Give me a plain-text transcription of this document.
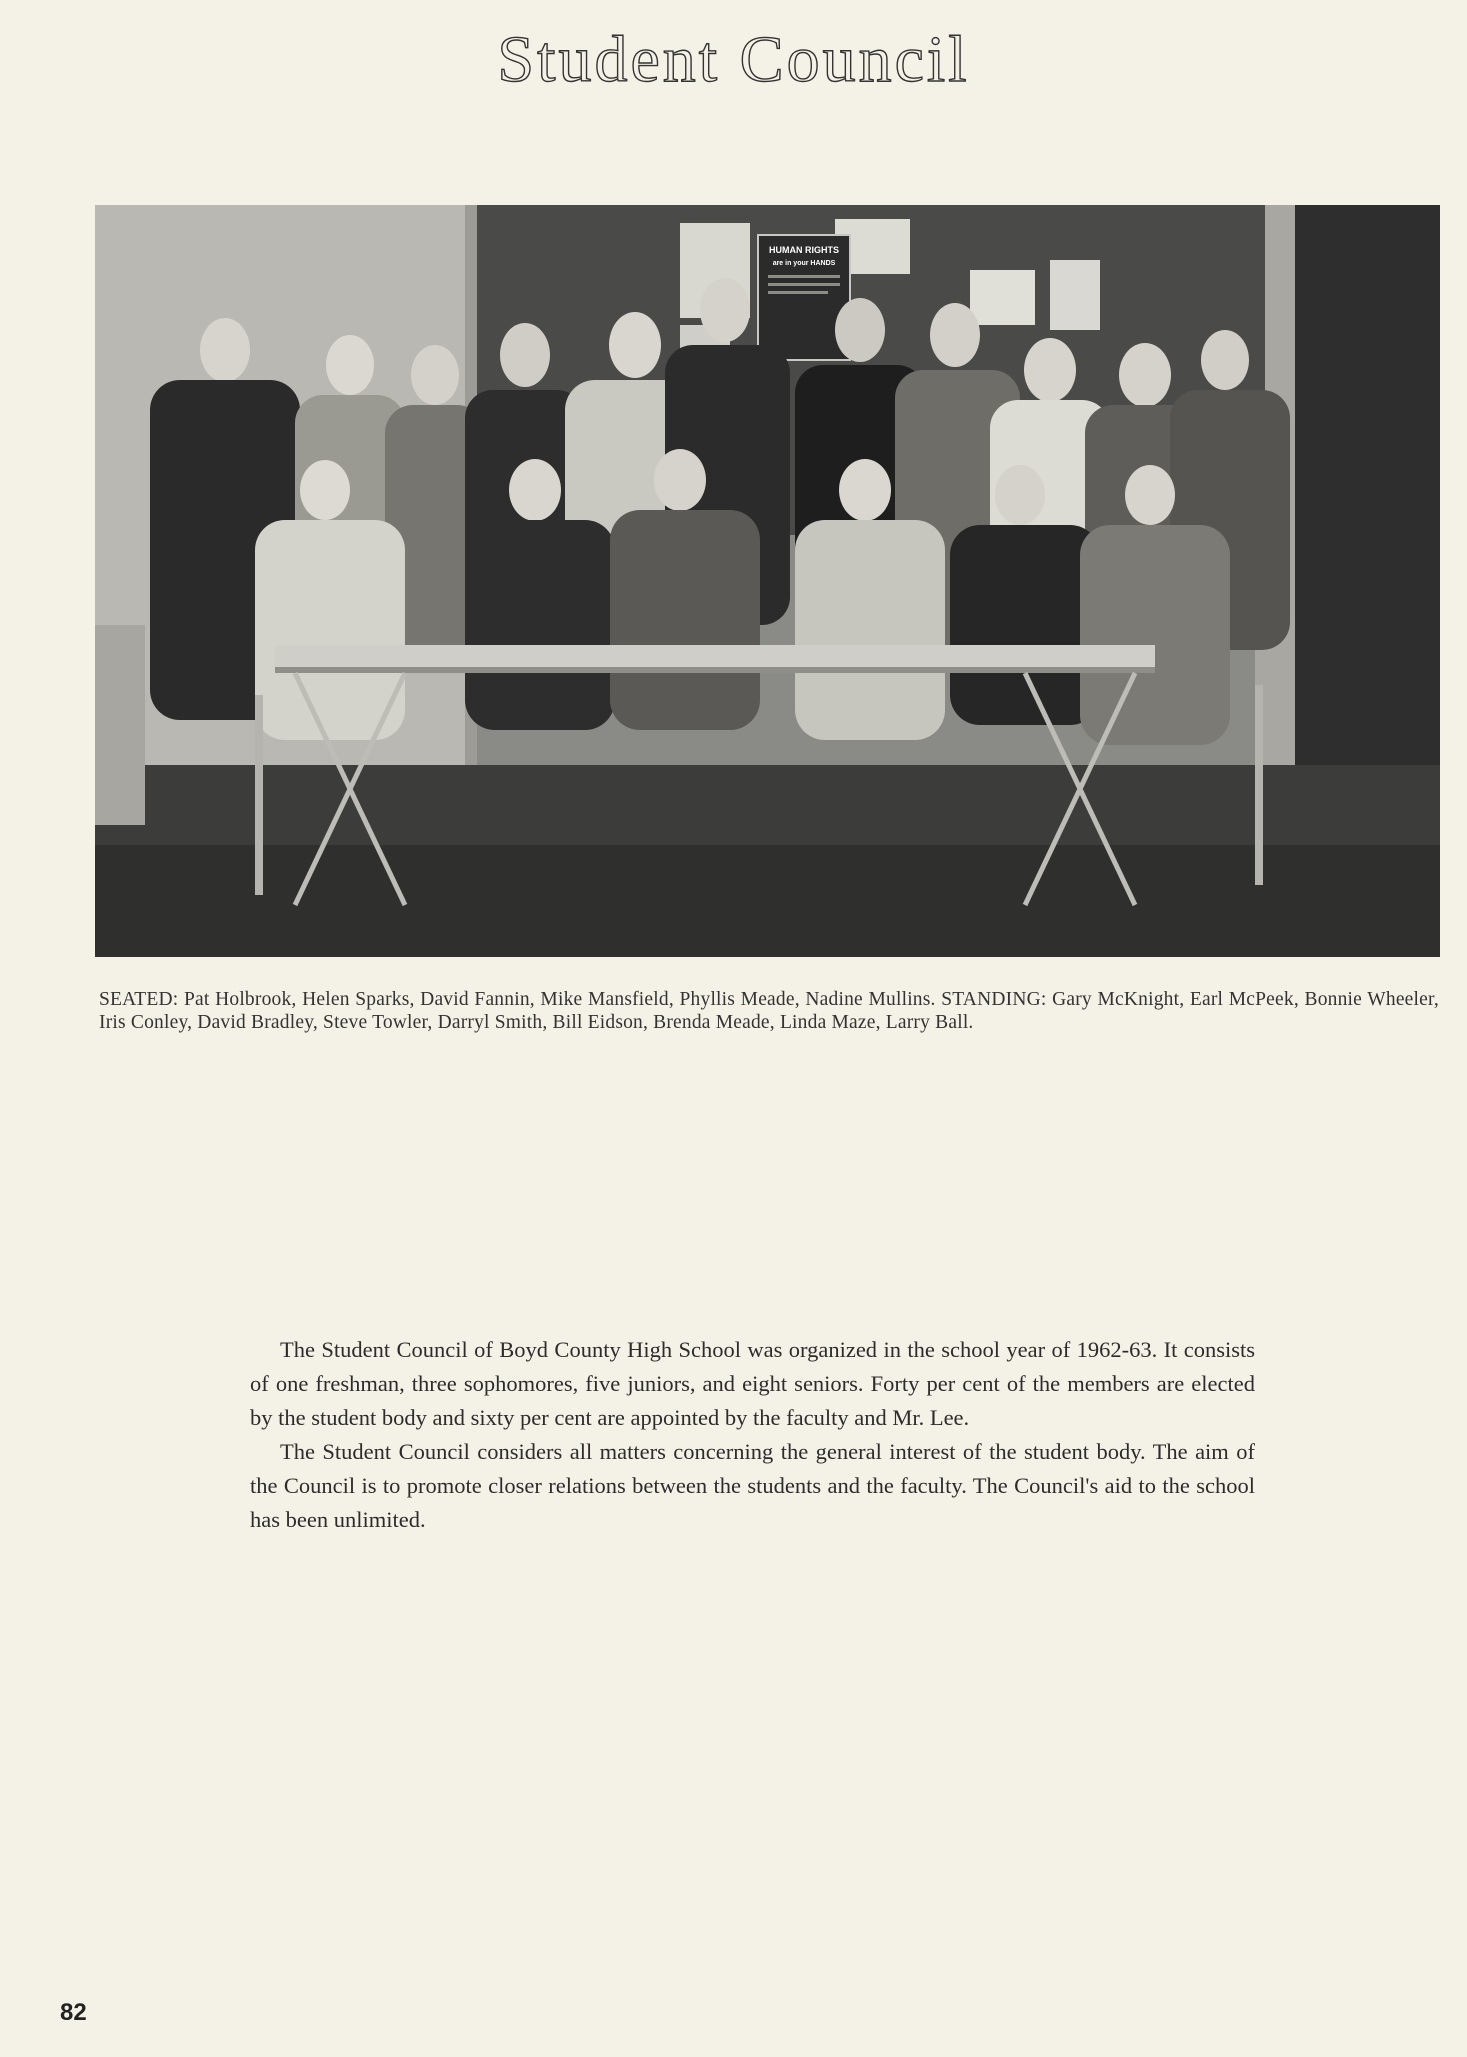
Student Council
HUMAN RIGHTS
are in your HANDS

SEATED: Pat Holbrook, Helen Sparks, David Fannin, Mike Mansfield, Phyllis Meade, Nadine Mullins. STANDING: Gary McKnight, Earl McPeek, Bonnie Wheeler, Iris Conley, David Bradley, Steve Towler, Darryl Smith, Bill Eidson, Brenda Meade, Linda Maze, Larry Ball.

The Student Council of Boyd County High School was organized in the school year of 1962-63. It consists of one freshman, three sophomores, five juniors, and eight seniors. Forty per cent of the members are elected by the student body and sixty per cent are appointed by the faculty and Mr. Lee.

The Student Council considers all matters concerning the general interest of the student body. The aim of the Council is to promote closer relations between the students and the faculty. The Council's aid to the school has been unlimited.

82
